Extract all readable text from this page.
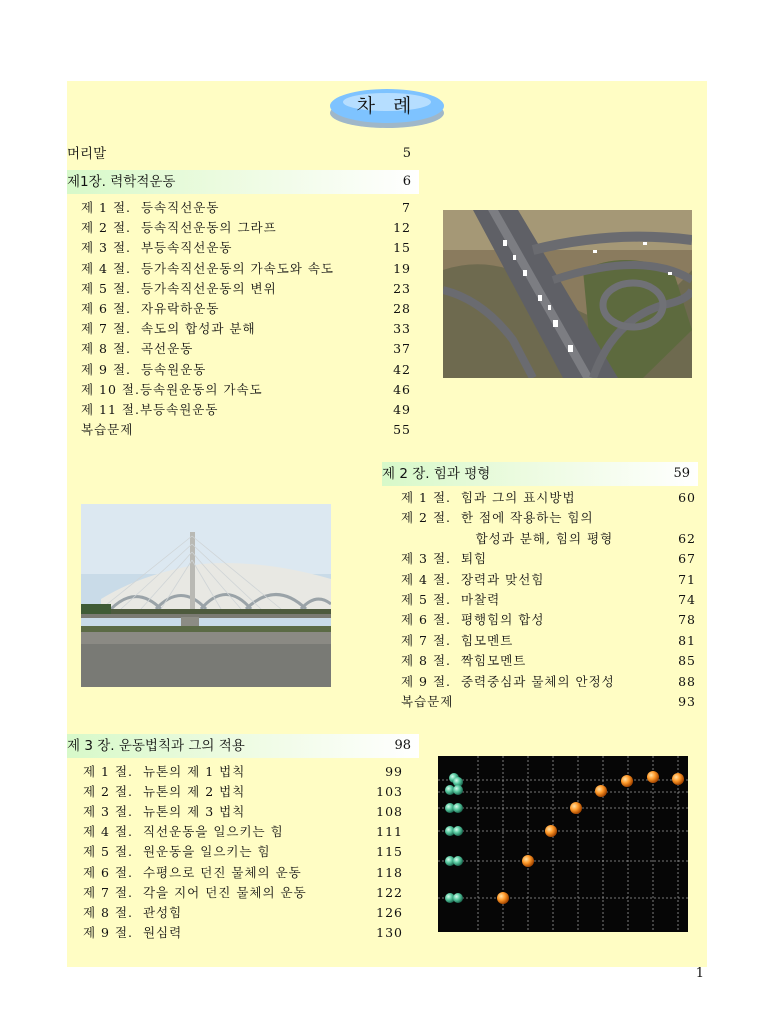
차 례
머리말	5
제1장. 력학적운동	6
제 1 절.  등속직선운동	7
제 2 절.  등속직선운동의 그라프	12
제 3 절.  부등속직선운동	15
제 4 절.  등가속직선운동의 가속도와 속도	19
제 5 절.  등가속직선운동의 변위	23
제 6 절.  자유락하운동	28
제 7 절.  속도의 합성과 분해	33
제 8 절.  곡선운동	37
제 9 절.  등속원운동	42
제 10 절.등속원운동의 가속도	46
제 11 절.부등속원운동	49
복습문제	55
제 2 장. 힘과 평형	59
제 1 절.  힘과 그의 표시방법	60
제 2 절.  한 점에 작용하는 힘의
합성과 분해, 힘의 평형	62
제 3 절.  퇴힘	67
제 4 절.  장력과 맞선힘	71
제 5 절.  마찰력	74
제 6 절.  평행힘의 합성	78
제 7 절.  힘모멘트	81
제 8 절.  짝힘모멘트	85
제 9 절.  중력중심과 물체의 안정성	88
복습문제	93
제 3 장. 운동법칙과 그의 적용	98
제 1 절.  뉴톤의 제 1 법칙	99
제 2 절.  뉴톤의 제 2 법칙	103
제 3 절.  뉴톤의 제 3 법칙	108
제 4 절.  직선운동을 일으키는 힘	111
제 5 절.  원운동을 일으키는 힘	115
제 6 절.  수평으로 던진 물체의 운동	118
제 7 절.  각을 지어 던진 물체의 운동	122
제 8 절.  관성힘	126
제 9 절.  원심력	130
1
